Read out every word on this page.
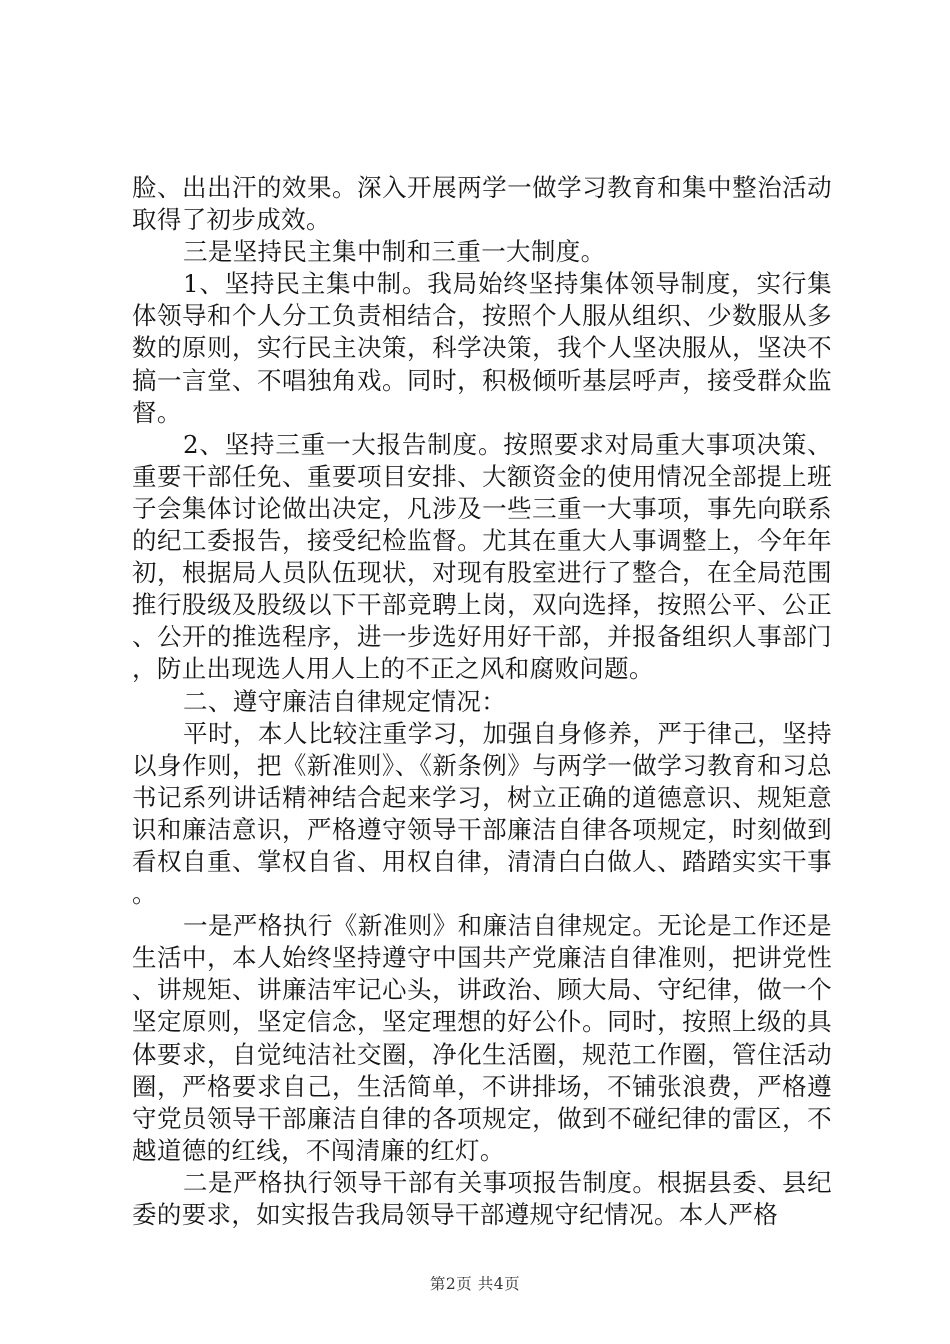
脸、出出汗的效果。深入开展两学一做学习教育和集中整治活动取得了初步成效。

三是坚持民主集中制和三重一大制度。

1、坚持民主集中制。我局始终坚持集体领导制度，实行集体领导和个人分工负责相结合，按照个人服从组织、少数服从多数的原则，实行民主决策，科学决策，我个人坚决服从，坚决不搞一言堂、不唱独角戏。同时，积极倾听基层呼声，接受群众监督。

2、坚持三重一大报告制度。按照要求对局重大事项决策、重要干部任免、重要项目安排、大额资金的使用情况全部提上班子会集体讨论做出决定，凡涉及一些三重一大事项，事先向联系的纪工委报告，接受纪检监督。尤其在重大人事调整上，今年年初，根据局人员队伍现状，对现有股室进行了整合，在全局范围推行股级及股级以下干部竞聘上岗，双向选择，按照公平、公正、公开的推选程序，进一步选好用好干部，并报备组织人事部门，防止出现选人用人上的不正之风和腐败问题。

二、遵守廉洁自律规定情况：

平时，本人比较注重学习，加强自身修养，严于律己，坚持以身作则，把《新准则》、《新条例》与两学一做学习教育和习总书记系列讲话精神结合起来学习，树立正确的道德意识、规矩意识和廉洁意识，严格遵守领导干部廉洁自律各项规定，时刻做到看权自重、掌权自省、用权自律，清清白白做人、踏踏实实干事。

一是严格执行《新准则》和廉洁自律规定。无论是工作还是生活中，本人始终坚持遵守中国共产党廉洁自律准则，把讲党性、讲规矩、讲廉洁牢记心头，讲政治、顾大局、守纪律，做一个坚定原则，坚定信念，坚定理想的好公仆。同时，按照上级的具体要求，自觉纯洁社交圈，净化生活圈，规范工作圈，管住活动圈，严格要求自己，生活简单，不讲排场，不铺张浪费，严格遵守党员领导干部廉洁自律的各项规定，做到不碰纪律的雷区，不越道德的红线，不闯清廉的红灯。

二是严格执行领导干部有关事项报告制度。根据县委、县纪委的要求，如实报告我局领导干部遵规守纪情况。本人严格

第2页 共4页
